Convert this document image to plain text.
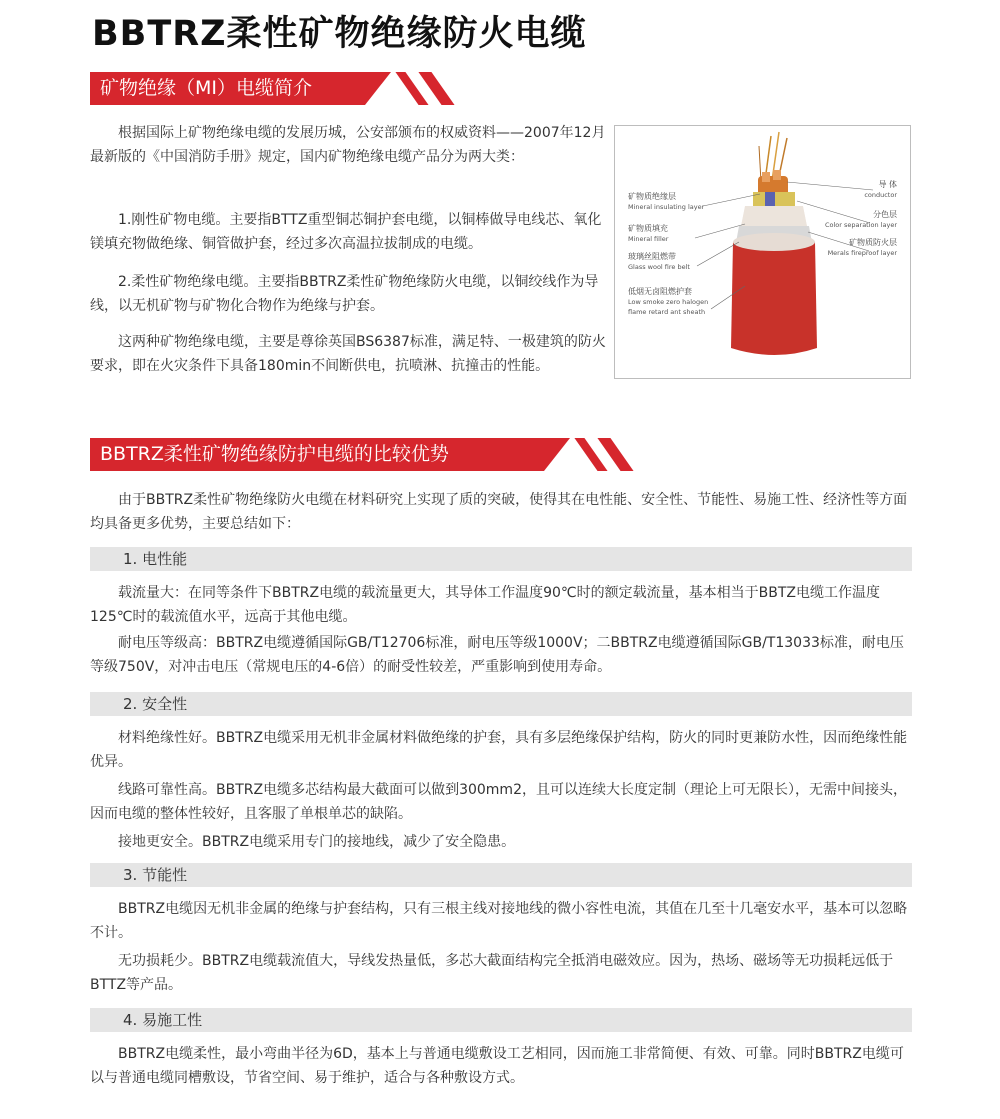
BBTRZ柔性矿物绝缘防火电缆
矿物绝缘（MI）电缆简介

根据国际上矿物绝缘电缆的发展历城，公安部颁布的权威资料——2007年12月最新版的《中国消防手册》规定，国内矿物绝缘电缆产品分为两大类：

1.刚性矿物电缆。主要指BTTZ重型铜芯铜护套电缆，以铜棒做导电线芯、氧化镁填充物做绝缘、铜管做护套，经过多次高温拉拔制成的电缆。

2.柔性矿物绝缘电缆。主要指BBTRZ柔性矿物绝缘防火电缆，以铜绞线作为导线，以无机矿物与矿物化合物作为绝缘与护套。

这两种矿物绝缘电缆，主要是尊徐英国BS6387标准，满足特、一极建筑的防火要求，即在火灾条件下具备180min不间断供电，抗喷淋、抗撞击的性能。

矿物质绝缘层
Mineral insulating layer
矿物质填充
Mineral filler
玻璃丝阻燃带
Glass wool fire belt
低烟无卤阻燃护套
Low smoke zero halogen flame retard ant sheath
导 体
conductor
分色层
Color separation layer
矿物质防火层
Merals fireproof layer
BBTRZ柔性矿物绝缘防护电缆的比较优势

由于BBTRZ柔性矿物绝缘防火电缆在材料研究上实现了质的突破，使得其在电性能、安全性、节能性、易施工性、经济性等方面均具备更多优势，主要总结如下：

1. 电性能

载流量大：在同等条件下BBTRZ电缆的载流量更大，其导体工作温度90℃时的额定载流量，基本相当于BBTZ电缆工作温度125℃时的载流值水平，远高于其他电缆。

耐电压等级高：BBTRZ电缆遵循国际GB/T12706标准，耐电压等级1000V；二BBTRZ电缆遵循国际GB/T13033标准，耐电压等级750V，对冲击电压（常规电压的4-6倍）的耐受性较差，严重影响到使用寿命。

2. 安全性

材料绝缘性好。BBTRZ电缆采用无机非金属材料做绝缘的护套，具有多层绝缘保护结构，防火的同时更兼防水性，因而绝缘性能优异。

线路可靠性高。BBTRZ电缆多芯结构最大截面可以做到300mm2，且可以连续大长度定制（理论上可无限长），无需中间接头，因而电缆的整体性较好，且客服了单根单芯的缺陷。

接地更安全。BBTRZ电缆采用专门的接地线，减少了安全隐患。

3. 节能性

BBTRZ电缆因无机非金属的绝缘与护套结构，只有三根主线对接地线的微小容性电流，其值在几至十几毫安水平，基本可以忽略不计。

无功损耗少。BBTRZ电缆载流值大，导线发热量低，多芯大截面结构完全抵消电磁效应。因为，热场、磁场等无功损耗远低于BTTZ等产品。

4. 易施工性

BBTRZ电缆柔性，最小弯曲半径为6D，基本上与普通电缆敷设工艺相同，因而施工非常简便、有效、可靠。同时BBTRZ电缆可以与普通电缆同槽敷设，节省空间、易于维护，适合与各种敷设方式。
